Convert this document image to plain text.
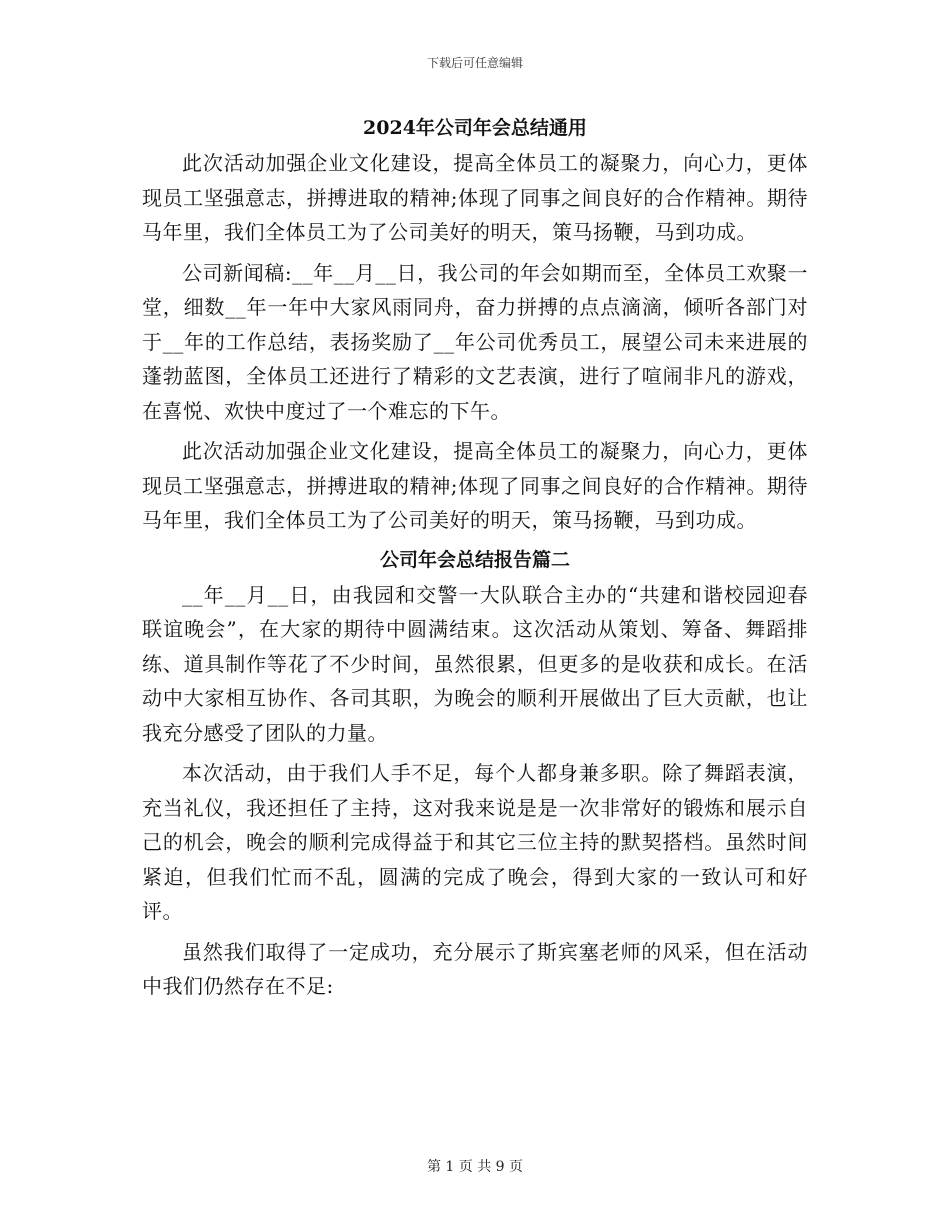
下载后可任意编辑
2024年公司年会总结通用

此次活动加强企业文化建设，提高全体员工的凝聚力，向心力，更体现员工坚强意志，拼搏进取的精神;体现了同事之间良好的合作精神。期待马年里，我们全体员工为了公司美好的明天，策马扬鞭，马到功成。

公司新闻稿:__年__月__日，我公司的年会如期而至，全体员工欢聚一堂，细数__年一年中大家风雨同舟，奋力拼搏的点点滴滴，倾听各部门对于__年的工作总结，表扬奖励了__年公司优秀员工，展望公司未来进展的蓬勃蓝图，全体员工还进行了精彩的文艺表演，进行了喧闹非凡的游戏，在喜悦、欢快中度过了一个难忘的下午。

此次活动加强企业文化建设，提高全体员工的凝聚力，向心力，更体现员工坚强意志，拼搏进取的精神;体现了同事之间良好的合作精神。期待马年里，我们全体员工为了公司美好的明天，策马扬鞭，马到功成。

公司年会总结报告篇二

__年__月__日，由我园和交警一大队联合主办的“共建和谐校园迎春联谊晚会”，在大家的期待中圆满结束。这次活动从策划、筹备、舞蹈排练、道具制作等花了不少时间，虽然很累，但更多的是收获和成长。在活动中大家相互协作、各司其职，为晚会的顺利开展做出了巨大贡献，也让我充分感受了团队的力量。

本次活动，由于我们人手不足，每个人都身兼多职。除了舞蹈表演，充当礼仪，我还担任了主持，这对我来说是是一次非常好的锻炼和展示自己的机会，晚会的顺利完成得益于和其它三位主持的默契搭档。虽然时间紧迫，但我们忙而不乱，圆满的完成了晚会，得到大家的一致认可和好评。

虽然我们取得了一定成功，充分展示了斯宾塞老师的风采，但在活动中我们仍然存在不足:

第 1 页 共 9 页
